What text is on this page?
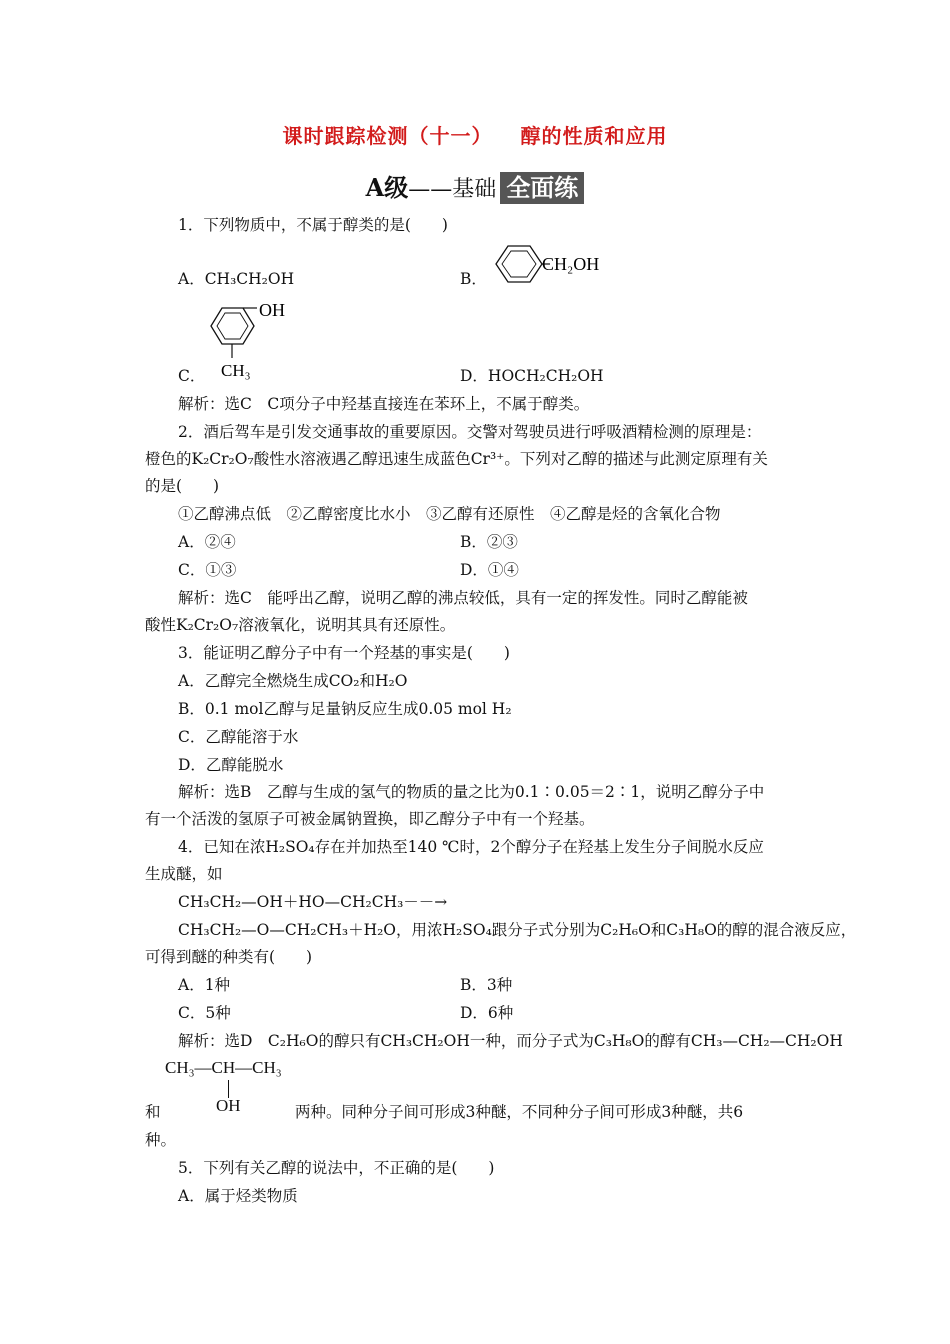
课时跟踪检测（十一） 醇的性质和应用
A级——基础 全面练
1．下列物质中，不属于醇类的是(　　)
A．CH₃CH₂OH	B．
CH₂OH
OH
CH₃
C．	D．HOCH₂CH₂OH
解析：选C　C项分子中羟基直接连在苯环上，不属于醇类。
2．酒后驾车是引发交通事故的重要原因。交警对驾驶员进行呼吸酒精检测的原理是：
橙色的K₂Cr₂O₇酸性水溶液遇乙醇迅速生成蓝色Cr³⁺。下列对乙醇的描述与此测定原理有关
的是(　　)
①乙醇沸点低　②乙醇密度比水小　③乙醇有还原性　④乙醇是烃的含氧化合物
A．②④	B．②③
C．①③	D．①④
解析：选C　能呼出乙醇，说明乙醇的沸点较低，具有一定的挥发性。同时乙醇能被
酸性K₂Cr₂O₇溶液氧化，说明其具有还原性。
3．能证明乙醇分子中有一个羟基的事实是(　　)
A．乙醇完全燃烧生成CO₂和H₂O
B．0.1 mol乙醇与足量钠反应生成0.05 mol H₂
C．乙醇能溶于水
D．乙醇能脱水
解析：选B　乙醇与生成的氢气的物质的量之比为0.1∶0.05＝2∶1，说明乙醇分子中
有一个活泼的氢原子可被金属钠置换，即乙醇分子中有一个羟基。
4．已知在浓H₂SO₄存在并加热至140 ℃时，2个醇分子在羟基上发生分子间脱水反应
生成醚，如
CH₃CH₂—OH＋HO—CH₂CH₃－－→
CH₃CH₂—O—CH₂CH₃＋H₂O，用浓H₂SO₄跟分子式分别为C₂H₆O和C₃H₈O的醇的混合液反应，
可得到醚的种类有(　　)
A．1种	B．3种
C．5种	D．6种
解析：选D　C₂H₆O的醇只有CH₃CH₂OH一种，而分子式为C₃H₈O的醇有CH₃—CH₂—CH₂OH
CH₃—CH—CH₃
OH
和	两种。同种分子间可形成3种醚，不同种分子间可形成3种醚，共6
种。
5．下列有关乙醇的说法中，不正确的是(　　)
A．属于烃类物质
